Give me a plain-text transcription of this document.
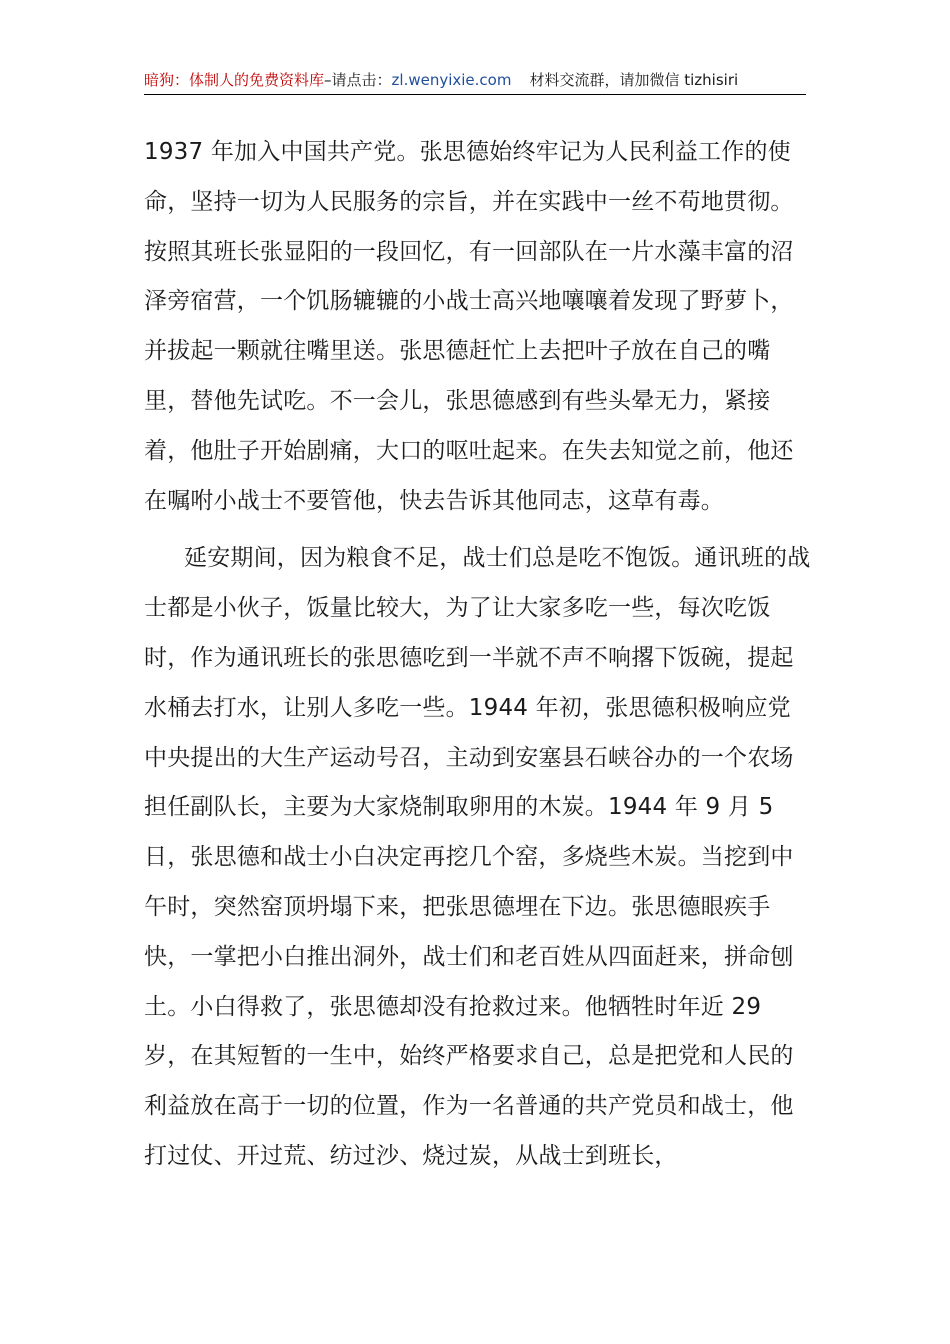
暗狗：体制人的免费资料库–请点击：zl.wenyixie.com 材料交流群，请加微信 tizhisiri

1937 年加入中国共产党。张思德始终牢记为人民利益工作的使命，坚持一切为人民服务的宗旨，并在实践中一丝不苟地贯彻。按照其班长张显阳的一段回忆，有一回部队在一片水藻丰富的沼泽旁宿营，一个饥肠辘辘的小战士高兴地嚷嚷着发现了野萝卜，并拔起一颗就往嘴里送。张思德赶忙上去把叶子放在自己的嘴里，替他先试吃。不一会儿，张思德感到有些头晕无力，紧接着，他肚子开始剧痛，大口的呕吐起来。在失去知觉之前，他还在嘱咐小战士不要管他，快去告诉其他同志，这草有毒。

延安期间，因为粮食不足，战士们总是吃不饱饭。通讯班的战士都是小伙子，饭量比较大，为了让大家多吃一些，每次吃饭时，作为通讯班长的张思德吃到一半就不声不响撂下饭碗，提起水桶去打水，让别人多吃一些。1944 年初，张思德积极响应党中央提出的大生产运动号召，主动到安塞县石峡谷办的一个农场担任副队长，主要为大家烧制取卵用的木炭。1944 年 9 月 5 日，张思德和战士小白决定再挖几个窑，多烧些木炭。当挖到中午时，突然窑顶坍塌下来，把张思德埋在下边。张思德眼疾手快，一掌把小白推出洞外，战士们和老百姓从四面赶来，拼命刨土。小白得救了，张思德却没有抢救过来。他牺牲时年近 29 岁，在其短暂的一生中，始终严格要求自己，总是把党和人民的利益放在高于一切的位置，作为一名普通的共产党员和战士，他打过仗、开过荒、纺过沙、烧过炭，从战士到班长，
